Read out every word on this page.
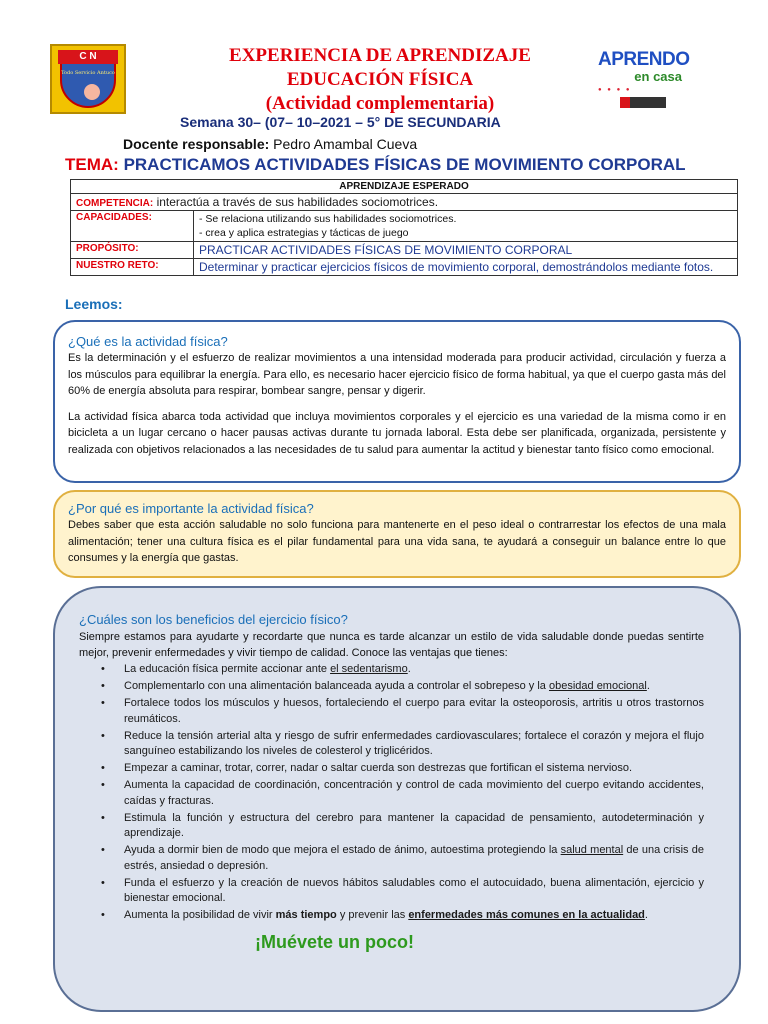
C N
Todo Servicio Antuco
EXPERIENCIA DE APRENDIZAJE
EDUCACIÓN FÍSICA
(Actividad complementaria)
APRENDO
en casa
● ● ● ●
Semana 30– (07– 10–2021 – 5° DE SECUNDARIA
Docente responsable: Pedro Amambal Cueva
TEMA: PRACTICAMOS ACTIVIDADES FÍSICAS DE MOVIMIENTO CORPORAL
APRENDIZAJE ESPERADO	
COMPETENCIA: interactúa a través de sus habilidades sociomotrices.	
CAPACIDADES:	- Se relaciona utilizando sus habilidades sociomotrices.
- crea y aplica estrategias y tácticas de juego

PROPÓSITO:	PRACTICAR ACTIVIDADES FÍSICAS DE MOVIMIENTO CORPORAL
NUESTRO RETO:	Determinar y practicar ejercicios físicos de movimiento corporal, demostrándolos mediante fotos.
Leemos:
¿Qué es la actividad física?

Es la determinación y el esfuerzo de realizar movimientos a una intensidad moderada para producir actividad, circulación y fuerza a los músculos para equilibrar la energía. Para ello, es necesario hacer ejercicio físico de forma habitual, ya que el cuerpo gasta más del 60% de energía absoluta para respirar, bombear sangre, pensar y digerir.

La actividad física abarca toda actividad que incluya movimientos corporales y el ejercicio es una variedad de la misma como ir en bicicleta a un lugar cercano o hacer pausas activas durante tu jornada laboral. Esta debe ser planificada, organizada, persistente y realizada con objetivos relacionados a las necesidades de tu salud para aumentar la actitud y bienestar tanto físico como emocional.

¿Por qué es importante la actividad física?

Debes saber que esta acción saludable no solo funciona para mantenerte en el peso ideal o contrarrestar los efectos de una mala alimentación; tener una cultura física es el pilar fundamental para una vida sana, te ayudará a conseguir un balance entre lo que consumes y la energía que gastas.

¿Cuáles son los beneficios del ejercicio físico?

Siempre estamos para ayudarte y recordarte que nunca es tarde alcanzar un estilo de vida saludable donde puedas sentirte mejor, prevenir enfermedades y vivir tiempo de calidad. Conoce las ventajas que tienes:

• La educación física permite accionar ante el sedentarismo.
• Complementarlo con una alimentación balanceada ayuda a controlar el sobrepeso y la obesidad emocional.
• Fortalece todos los músculos y huesos, fortaleciendo el cuerpo para evitar la osteoporosis, artritis u otros trastornos reumáticos.
• Reduce la tensión arterial alta y riesgo de sufrir enfermedades cardiovasculares; fortalece el corazón y mejora el flujo sanguíneo estabilizando los niveles de colesterol y triglicéridos.
• Empezar a caminar, trotar, correr, nadar o saltar cuerda son destrezas que fortifican el sistema nervioso.
• Aumenta la capacidad de coordinación, concentración y control de cada movimiento del cuerpo evitando accidentes, caídas y fracturas.
• Estimula la función y estructura del cerebro para mantener la capacidad de pensamiento, autodeterminación y aprendizaje.
• Ayuda a dormir bien de modo que mejora el estado de ánimo, autoestima protegiendo la salud mental de una crisis de estrés, ansiedad o depresión.
• Funda el esfuerzo y la creación de nuevos hábitos saludables como el autocuidado, buena alimentación, ejercicio y bienestar emocional.
• Aumenta la posibilidad de vivir más tiempo y prevenir las enfermedades más comunes en la actualidad.
¡Muévete un poco!
